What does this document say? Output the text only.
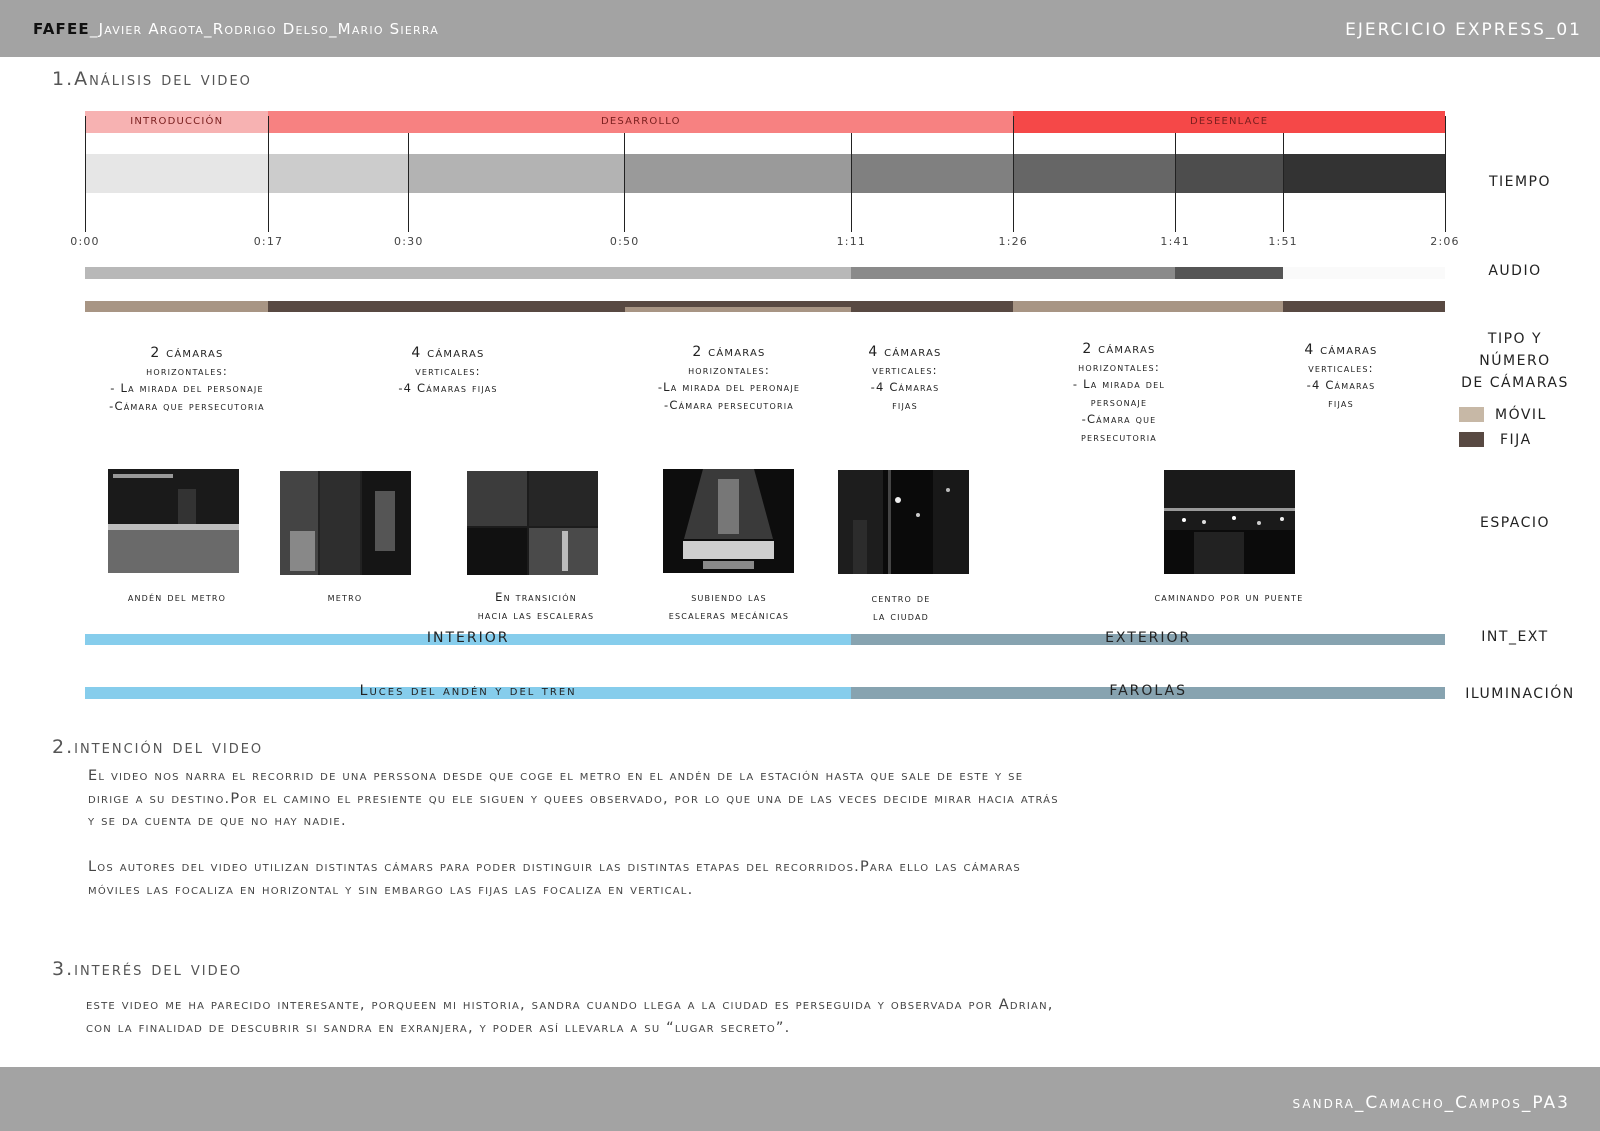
FAFEE_Javier Argota_Rodrigo Delso_Mario Sierra	EJERCICIO EXPRESS_01
1.Análisis del video
INTRODUCCIÓN	DESARROLLO	DESEENLACE
0:00	0:17	0:30	0:50	1:11	1:26	1:41	1:51	2:06
2 cámaras
horizontales:
- La mirada del personaje
-Cámara que persecutoria
4 cámaras
verticales:
-4 Cámaras fijas
2 cámaras
horizontales:
-La mirada del peronaje
-Cámara persecutoria
4 cámaras
verticales:
-4 Cámaras
fijas
2 cámaras
horizontales:
- La mirada del
personaje
-Cámara que
persecutoria
4 cámaras
verticales:
-4 Cámaras
fijas
andén del metro	metro	En transición
hacia las escaleras
subiendo las
escaleras mecánicas
centro de
la ciudad
caminando por un puente
INTERIOR	EXTERIOR
Luces del andén y del tren	FAROLAS
TIEMPO
AUDIO
TIPO Y
NÚMERO
DE CÁMARAS
MÓVIL
FIJA
ESPACIO
INT_EXT
ILUMINACIÓN
2.intención del video
El video nos narra el recorrid de una perssona desde que coge el metro en el andén de la estación hasta que sale de este y se
dirige a su destino.Por el camino el presiente qu ele siguen y quees observado, por lo que una de las veces decide mirar hacia atrás
y se da cuenta de que no hay nadie.
Los autores del video utilizan distintas cámars para poder distinguir las distintas etapas del recorridos.Para ello las cámaras
móviles las focaliza en horizontal y sin embargo las fijas las focaliza en vertical.
3.interés del video
este video me ha parecido interesante, porqueen mi historia, sandra cuando llega a la ciudad es perseguida y observada por Adrian,
con la finalidad de descubrir si sandra en exranjera, y poder así llevarla a su “lugar secreto”.
sandra_Camacho_Campos_PA3
